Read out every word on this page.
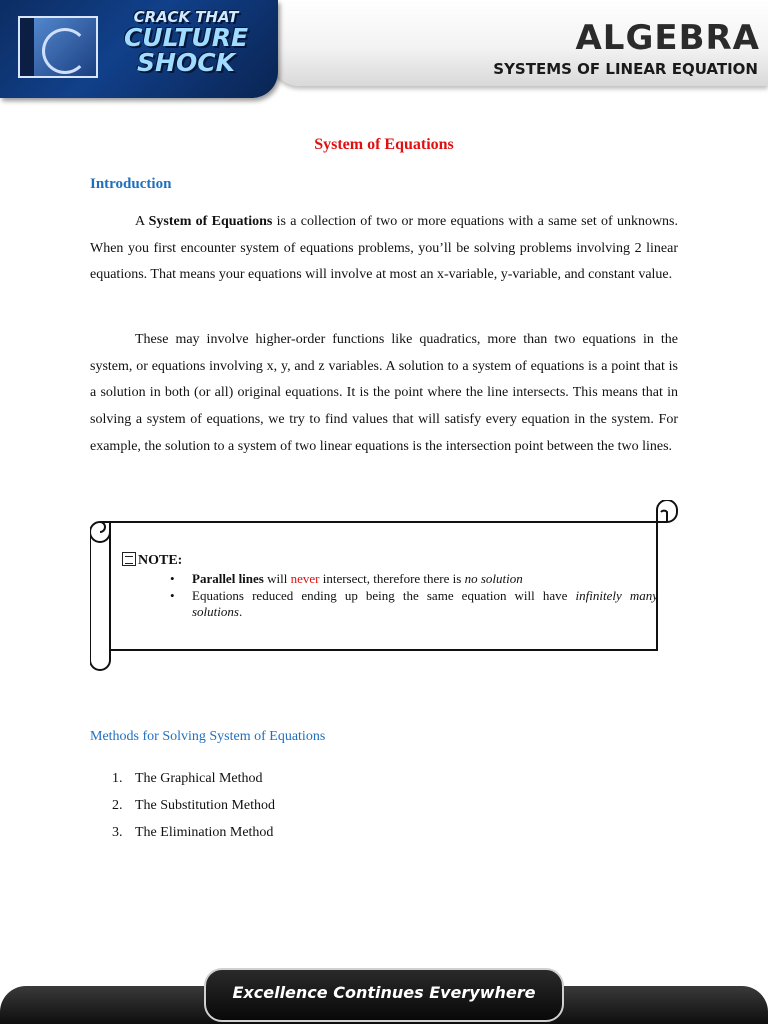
ALGEBRA
SYSTEMS OF LINEAR EQUATION
CRACK THAT
CULTURE
SHOCK
System of Equations
Introduction
A System of Equations is a collection of two or more equations with a same set of unknowns. When you first encounter system of equations problems, you’ll be solving problems involving 2 linear equations. That means your equations will involve at most an x-variable, y-variable, and constant value.
These may involve higher-order functions like quadratics, more than two equations in the system, or equations involving x, y, and z variables. A solution to a system of equations is a point that is a solution in both (or all) original equations. It is the point where the line intersects. This means that in solving a system of equations, we try to find values that will satisfy every equation in the system. For example, the solution to a system of two linear equations is the intersection point between the two lines.
NOTE:
• Parallel lines will never intersect, therefore there is no solution
• Equations reduced ending up being the same equation will have infinitely many solutions.
Methods for Solving System of Equations
1. The Graphical Method
2. The Substitution Method
3. The Elimination Method
Excellence Continues Everywhere
